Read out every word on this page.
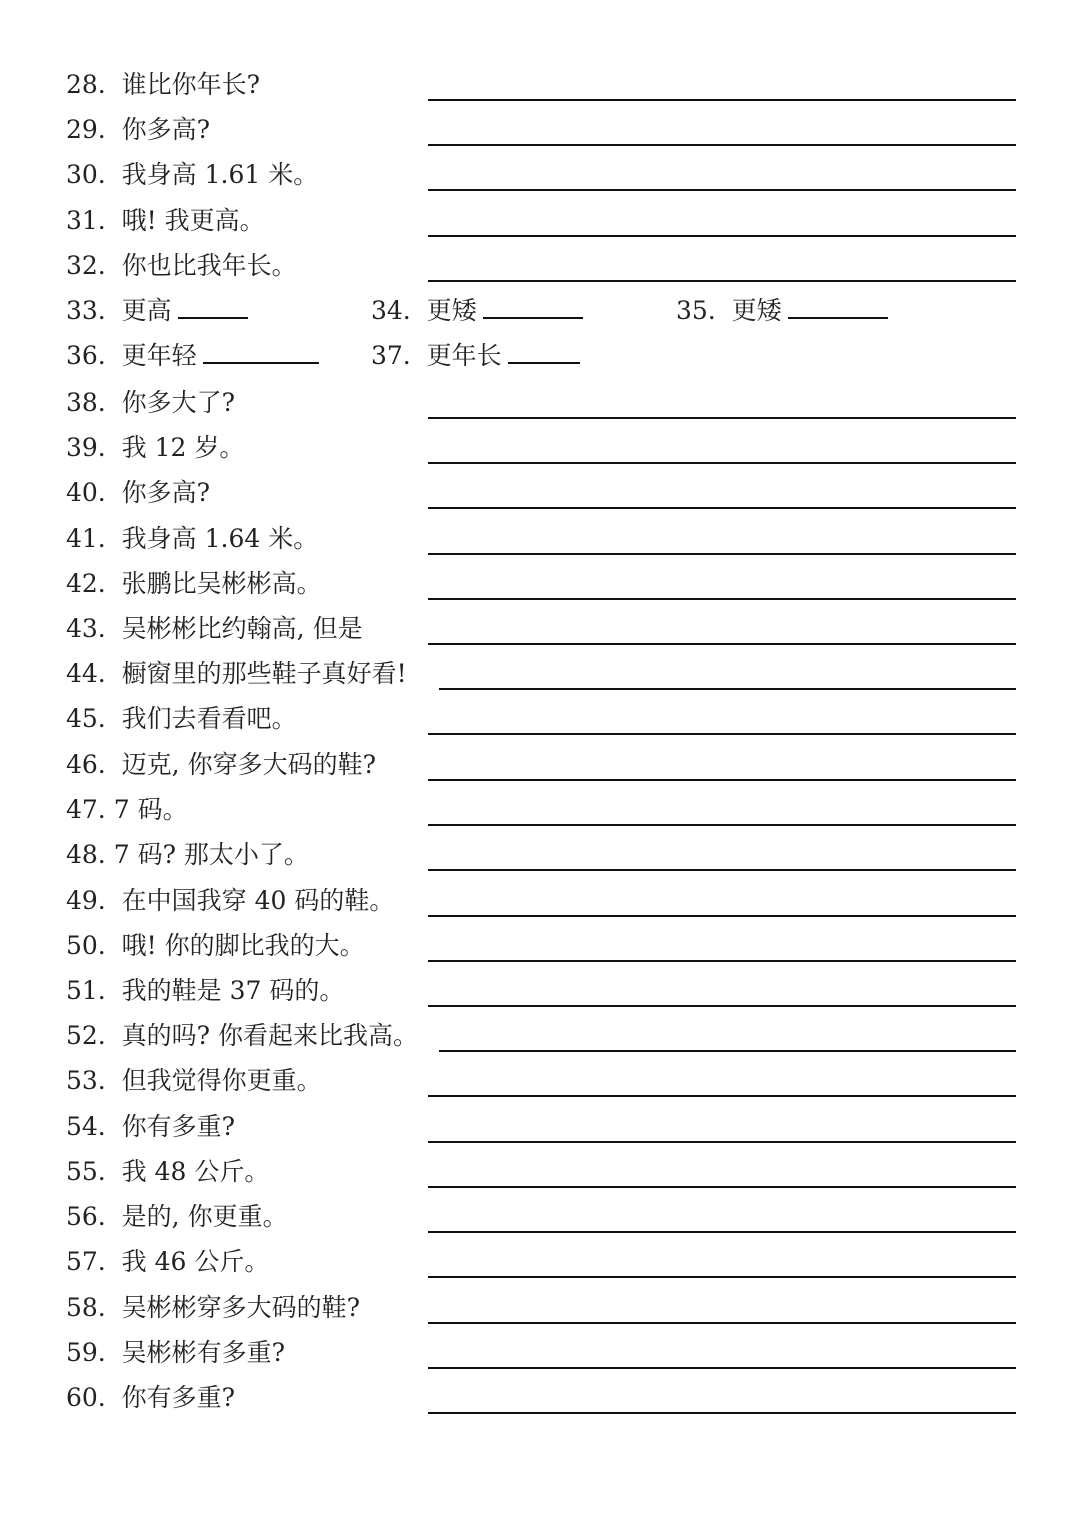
28. 谁比你年长?
29. 你多高?
30. 我身高 1.61 米。
31. 哦! 我更高。
32. 你也比我年长。
33. 更高	34. 更矮	35. 更矮
36. 更年轻	37. 更年长
38. 你多大了?
39. 我 12 岁。
40. 你多高?
41. 我身高 1.64 米。
42. 张鹏比吴彬彬高。
43. 吴彬彬比约翰高, 但是
44. 橱窗里的那些鞋子真好看!
45. 我们去看看吧。
46. 迈克, 你穿多大码的鞋?
47. 7 码。
48. 7 码? 那太小了。
49. 在中国我穿 40 码的鞋。
50. 哦! 你的脚比我的大。
51. 我的鞋是 37 码的。
52. 真的吗? 你看起来比我高。
53. 但我觉得你更重。
54. 你有多重?
55. 我 48 公斤。
56. 是的, 你更重。
57. 我 46 公斤。
58. 吴彬彬穿多大码的鞋?
59. 吴彬彬有多重?
60. 你有多重?
